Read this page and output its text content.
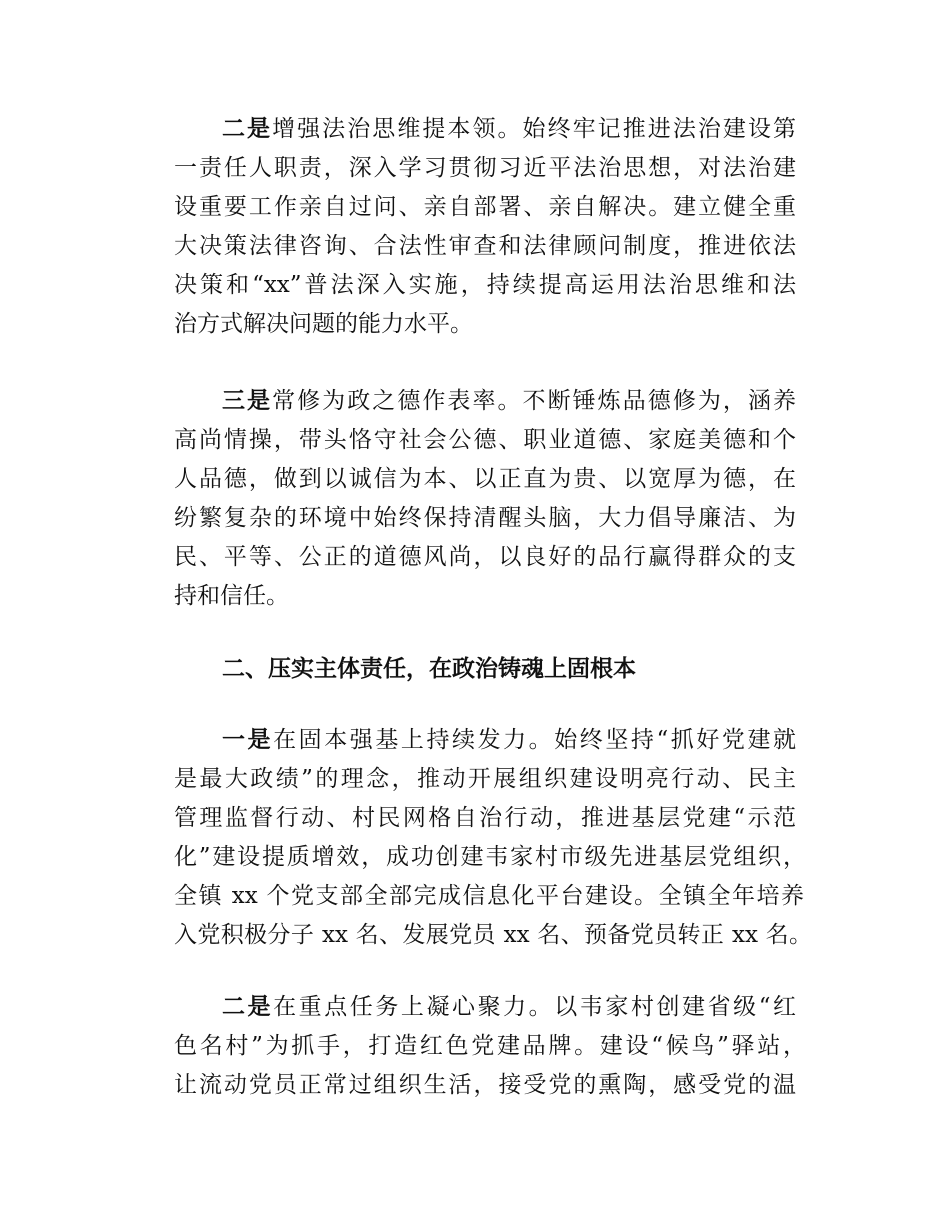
二是增强法治思维提本领。始终牢记推进法治建设第
一责任人职责，深入学习贯彻习近平法治思想，对法治建
设重要工作亲自过问、亲自部署、亲自解决。建立健全重
大决策法律咨询、合法性审查和法律顾问制度，推进依法
决策和“xx”普法深入实施，持续提高运用法治思维和法
治方式解决问题的能力水平。
三是常修为政之德作表率。不断锤炼品德修为，涵养
高尚情操，带头恪守社会公德、职业道德、家庭美德和个
人品德，做到以诚信为本、以正直为贵、以宽厚为德，在
纷繁复杂的环境中始终保持清醒头脑，大力倡导廉洁、为
民、平等、公正的道德风尚，以良好的品行赢得群众的支
持和信任。
二、压实主体责任，在政治铸魂上固根本
一是在固本强基上持续发力。始终坚持“抓好党建就
是最大政绩”的理念，推动开展组织建设明亮行动、民主
管理监督行动、村民网格自治行动，推进基层党建“示范
化”建设提质增效，成功创建韦家村市级先进基层党组织，
全镇 xx 个党支部全部完成信息化平台建设。全镇全年培养
入党积极分子 xx 名、发展党员 xx 名、预备党员转正 xx 名。
二是在重点任务上凝心聚力。以韦家村创建省级“红
色名村”为抓手，打造红色党建品牌。建设“候鸟”驿站，
让流动党员正常过组织生活，接受党的熏陶，感受党的温
